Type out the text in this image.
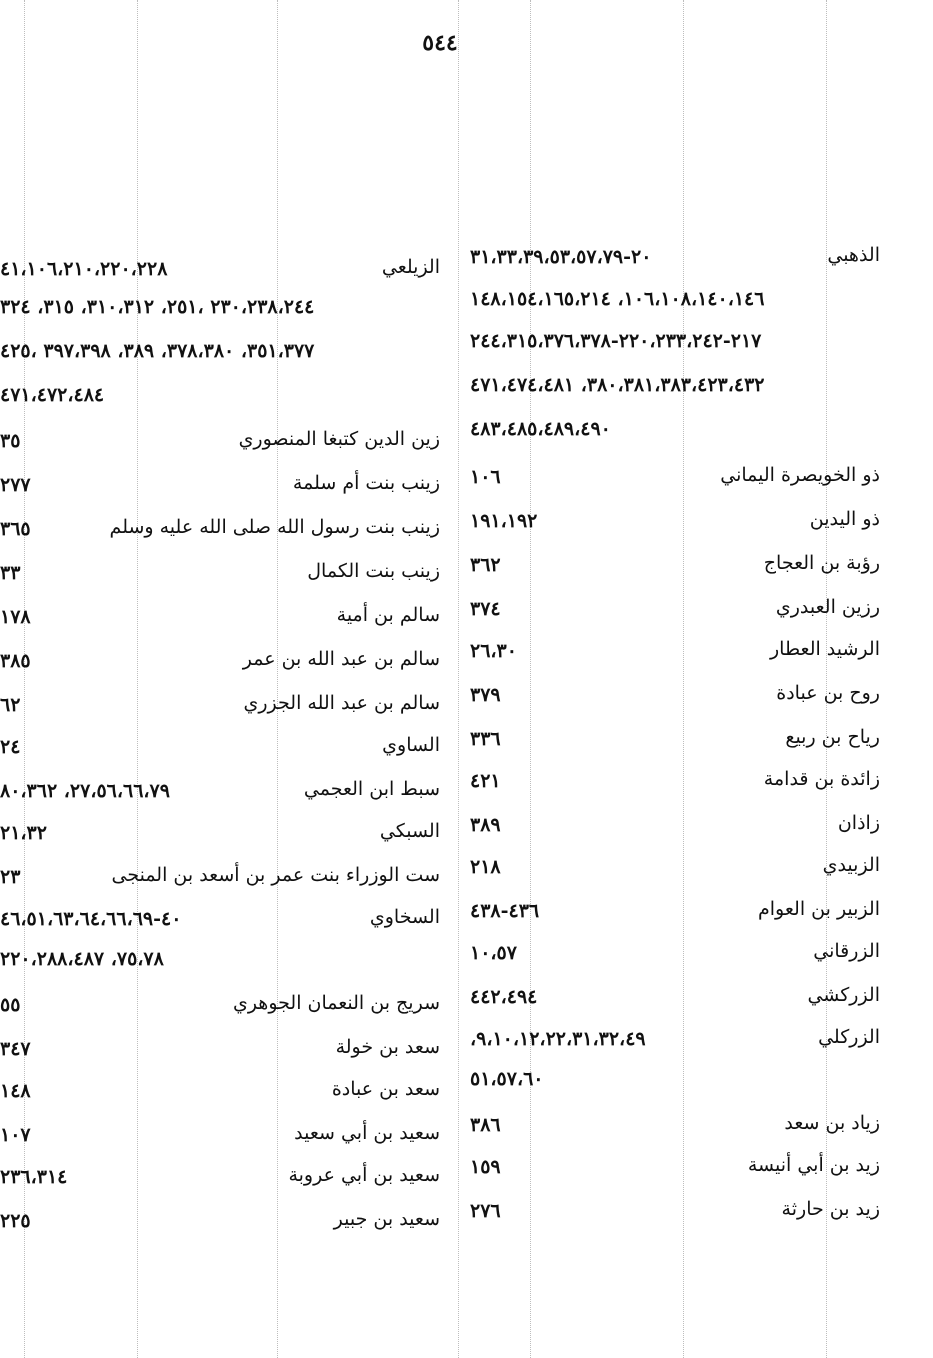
٥٤٤
الذهبي
٢٠-٣١،٣٣،٣٩،٥٣،٥٧،٧٩
١٠٦،١٠٨،١٤٠،١٤٦، ١٤٨،١٥٤،١٦٥،٢١٤
٢١٧-٢٢٠،٢٣٣،٢٤٢-٢٤٤،٣١٥،٣٧٦،٣٧٨
٣٨٠،٣٨١،٣٨٣،٤٢٣،٤٣٢، ٤٧١،٤٧٤،٤٨١
٤٨٣،٤٨٥،٤٨٩،٤٩٠
ذو الخويصرة اليماني
١٠٦
ذو اليدين
١٩١،١٩٢
رؤبة بن العجاج
٣٦٢
رزين العبدري
٣٧٤
الرشيد العطار
٢٦،٣٠
روح بن عبادة
٣٧٩
رياح بن ربيع
٣٣٦
زائدة بن قدامة
٤٢١
زاذان
٣٨٩
الزبيدي
٢١٨
الزبير بن العوام
٤٣٦-٤٣٨
الزرقاني
١٠،٥٧
الزركشي
٤٤٢،٤٩٤
الزركلي
٩،١٠،١٢،٢٢،٣١،٣٢،٤٩،
٥١،٥٧،٦٠
زياد بن سعد
٣٨٦
زيد بن أبي أنيسة
١٥٩
زيد بن حارثة
٢٧٦
الزيلعي
٤١،١٠٦،٢١٠،٢٢٠،٢٢٨
٢٣٠،٢٣٨،٢٤٤ ،٢٥١، ٣١٠،٣١٢، ٣١٥، ٣٢٤
٣٥١،٣٧٧، ٣٧٨،٣٨٠، ٣٨٩، ٣٩٧،٣٩٨ ،٤٢٥
٤٧١،٤٧٢،٤٨٤
زين الدين كتبغا المنصوري
٣٥
زينب بنت أم سلمة
٢٧٧
زينب بنت رسول الله صلى الله عليه وسلم
٣٦٥
زينب بنت الكمال
٣٣
سالم بن أمية
١٧٨
سالم بن عبد الله بن عمر
٣٨٥
سالم بن عبد الله الجزري
٦٢
الساوي
٢٤
سبط ابن العجمي
٢٧،٥٦،٦٦،٧٩، ٨٠،٣٦٢
السبكي
٢١،٣٢
ست الوزراء بنت عمر بن أسعد بن المنجى
٢٣
السخاوي
٤٠-٤٦،٥١،٦٣،٦٤،٦٦،٦٩
٧٥،٧٨، ٢٢٠،٢٨٨،٤٨٧
سريج بن النعمان الجوهري
٥٥
سعد بن خولة
٣٤٧
سعد بن عبادة
١٤٨
سعيد بن أبي سعيد
١٠٧
سعيد بن أبي عروبة
٢٣٦،٣١٤
سعيد بن جبير
٢٢٥
